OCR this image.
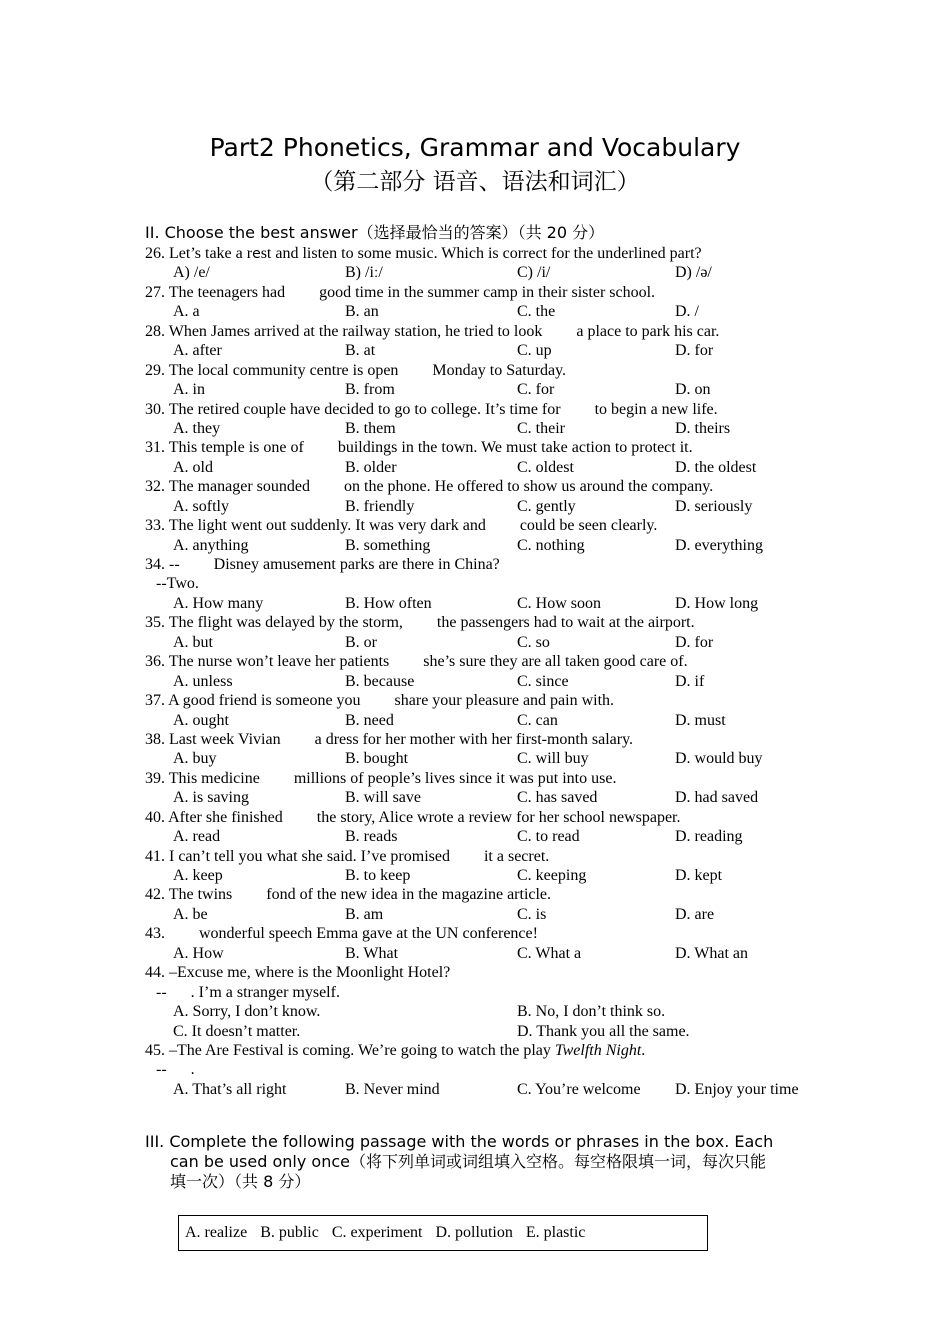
Part2 Phonetics, Grammar and Vocabulary
（第二部分 语音、语法和词汇）
II. Choose the best answer（选择最恰当的答案）（共 20 分）
26. Let’s take a rest and listen to some music. Which is correct for the underlined part?
A) /e/	B) /iː/	C) /i/	D) /ə/
27. The teenagers had good time in the summer camp in their sister school.
A. a	B. an	C. the	D. /
28. When James arrived at the railway station, he tried to look a place to park his car.
A. after	B. at	C. up	D. for
29. The local community centre is open Monday to Saturday.
A. in	B. from	C. for	D. on
30. The retired couple have decided to go to college. It’s time for to begin a new life.
A. they	B. them	C. their	D. theirs
31. This temple is one of buildings in the town. We must take action to protect it.
A. old	B. older	C. oldest	D. the oldest
32. The manager sounded on the phone. He offered to show us around the company.
A. softly	B. friendly	C. gently	D. seriously
33. The light went out suddenly. It was very dark and could be seen clearly.
A. anything	B. something	C. nothing	D. everything
34. -- Disney amusement parks are there in China?
--Two.
A. How many	B. How often	C. How soon	D. How long
35. The flight was delayed by the storm, the passengers had to wait at the airport.
A. but	B. or	C. so	D. for
36. The nurse won’t leave her patients she’s sure they are all taken good care of.
A. unless	B. because	C. since	D. if
37. A good friend is someone you share your pleasure and pain with.
A. ought	B. need	C. can	D. must
38. Last week Vivian a dress for her mother with her first-month salary.
A. buy	B. bought	C. will buy	D. would buy
39. This medicine millions of people’s lives since it was put into use.
A. is saving	B. will save	C. has saved	D. had saved
40. After she finished the story, Alice wrote a review for her school newspaper.
A. read	B. reads	C. to read	D. reading
41. I can’t tell you what she said. I’ve promised it a secret.
A. keep	B. to keep	C. keeping	D. kept
42. The twins fond of the new idea in the magazine article.
A. be	B. am	C. is	D. are
43. wonderful speech Emma gave at the UN conference!
A. How	B. What	C. What a	D. What an
44. –Excuse me, where is the Moonlight Hotel?
-- . I’m a stranger myself.
A. Sorry, I don’t know.	B. No, I don’t think so.
C. It doesn’t matter.	D. Thank you all the same.
45. –The Are Festival is coming. We’re going to watch the play Twelfth Night.
-- .
A. That’s all right	B. Never mind	C. You’re welcome D. Enjoy your time
III. Complete the following passage with the words or phrases in the box. Each
can be used only once（将下列单词或词组填入空格。每空格限填一词，每次只能
填一次）（共 8 分）
A. realize B. public C. experiment D. pollution E. plastic
